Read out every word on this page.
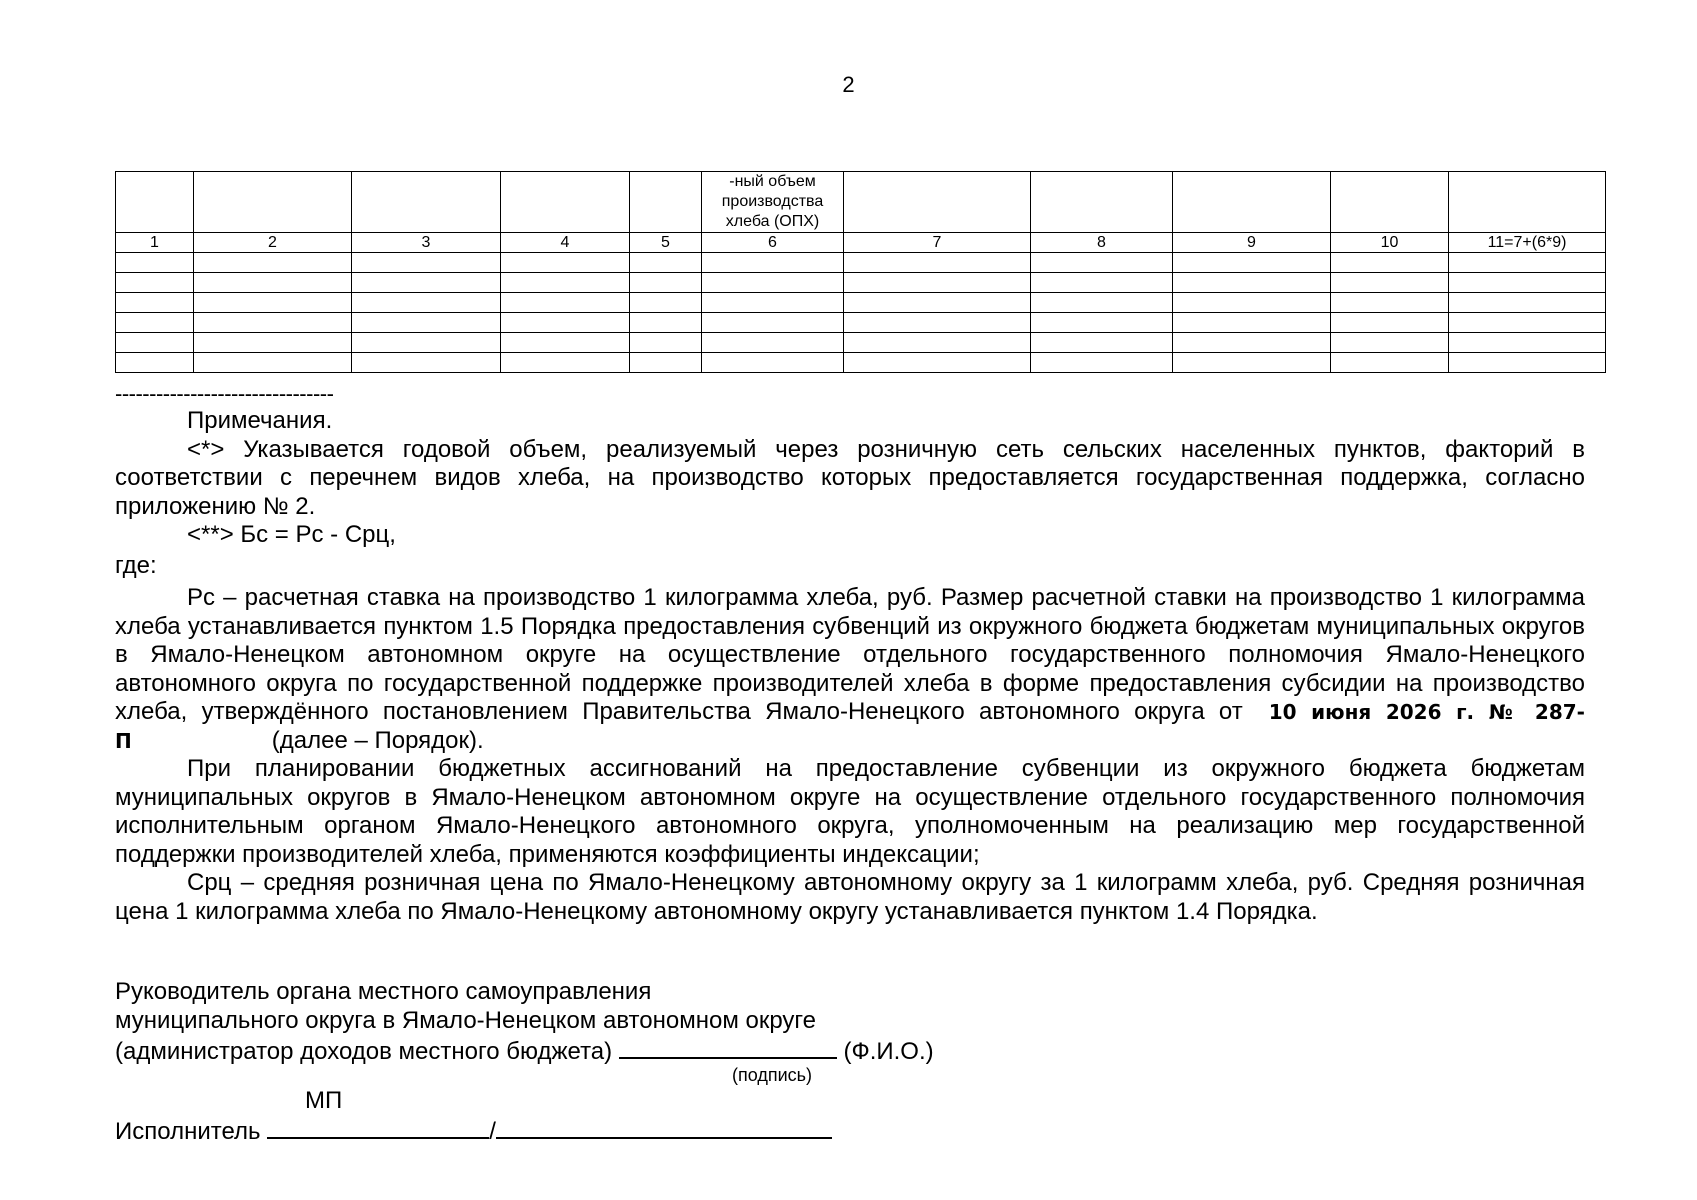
2
					-ный объем производства хлеба (ОПХ)					
1	2	3	4	5	6	7	8	9	10	11=7+(6*9)

--------------------------------

Примечания.

<*> Указывается годовой объем, реализуемый через розничную сеть сельских населенных пунктов, факторий в соответствии с перечнем видов хлеба, на производство которых предоставляется государственная поддержка, согласно приложению № 2.

<**> Бс = Рс - Срц,

где:

Рс – расчетная ставка на производство 1 килограмма хлеба, руб. Размер расчетной ставки на производство 1 килограмма хлеба устанавливается пунктом 1.5 Порядка предоставления субвенций из окружного бюджета бюджетам муниципальных округов в Ямало-Ненецком автономном округе на осуществление отдельного государственного полномочия Ямало-Ненецкого автономного округа по государственной поддержке производителей хлеба в форме предоставления субсидии на производство хлеба, утверждённого постановлением Правительства Ямало-Ненецкого автономного округа от 10 июня 2026 г. № 287-П	(далее – Порядок).

При планировании бюджетных ассигнований на предоставление субвенции из окружного бюджета бюджетам муниципальных округов в Ямало-Ненецком автономном округе на осуществление отдельного государственного полномочия исполнительным органом Ямало-Ненецкого автономного округа, уполномоченным на реализацию мер государственной поддержки производителей хлеба, применяются коэффициенты индексации;

Срц – средняя розничная цена по Ямало-Ненецкому автономному округу за 1 килограмм хлеба, руб. Средняя розничная цена 1 килограмма хлеба по Ямало-Ненецкому автономному округу устанавливается пунктом 1.4 Порядка.

Руководитель органа местного самоуправления
муниципального округа в Ямало-Ненецком автономном округе
(администратор доходов местного бюджета)	(Ф.И.О.)
(подпись)
МП
Исполнитель	/
